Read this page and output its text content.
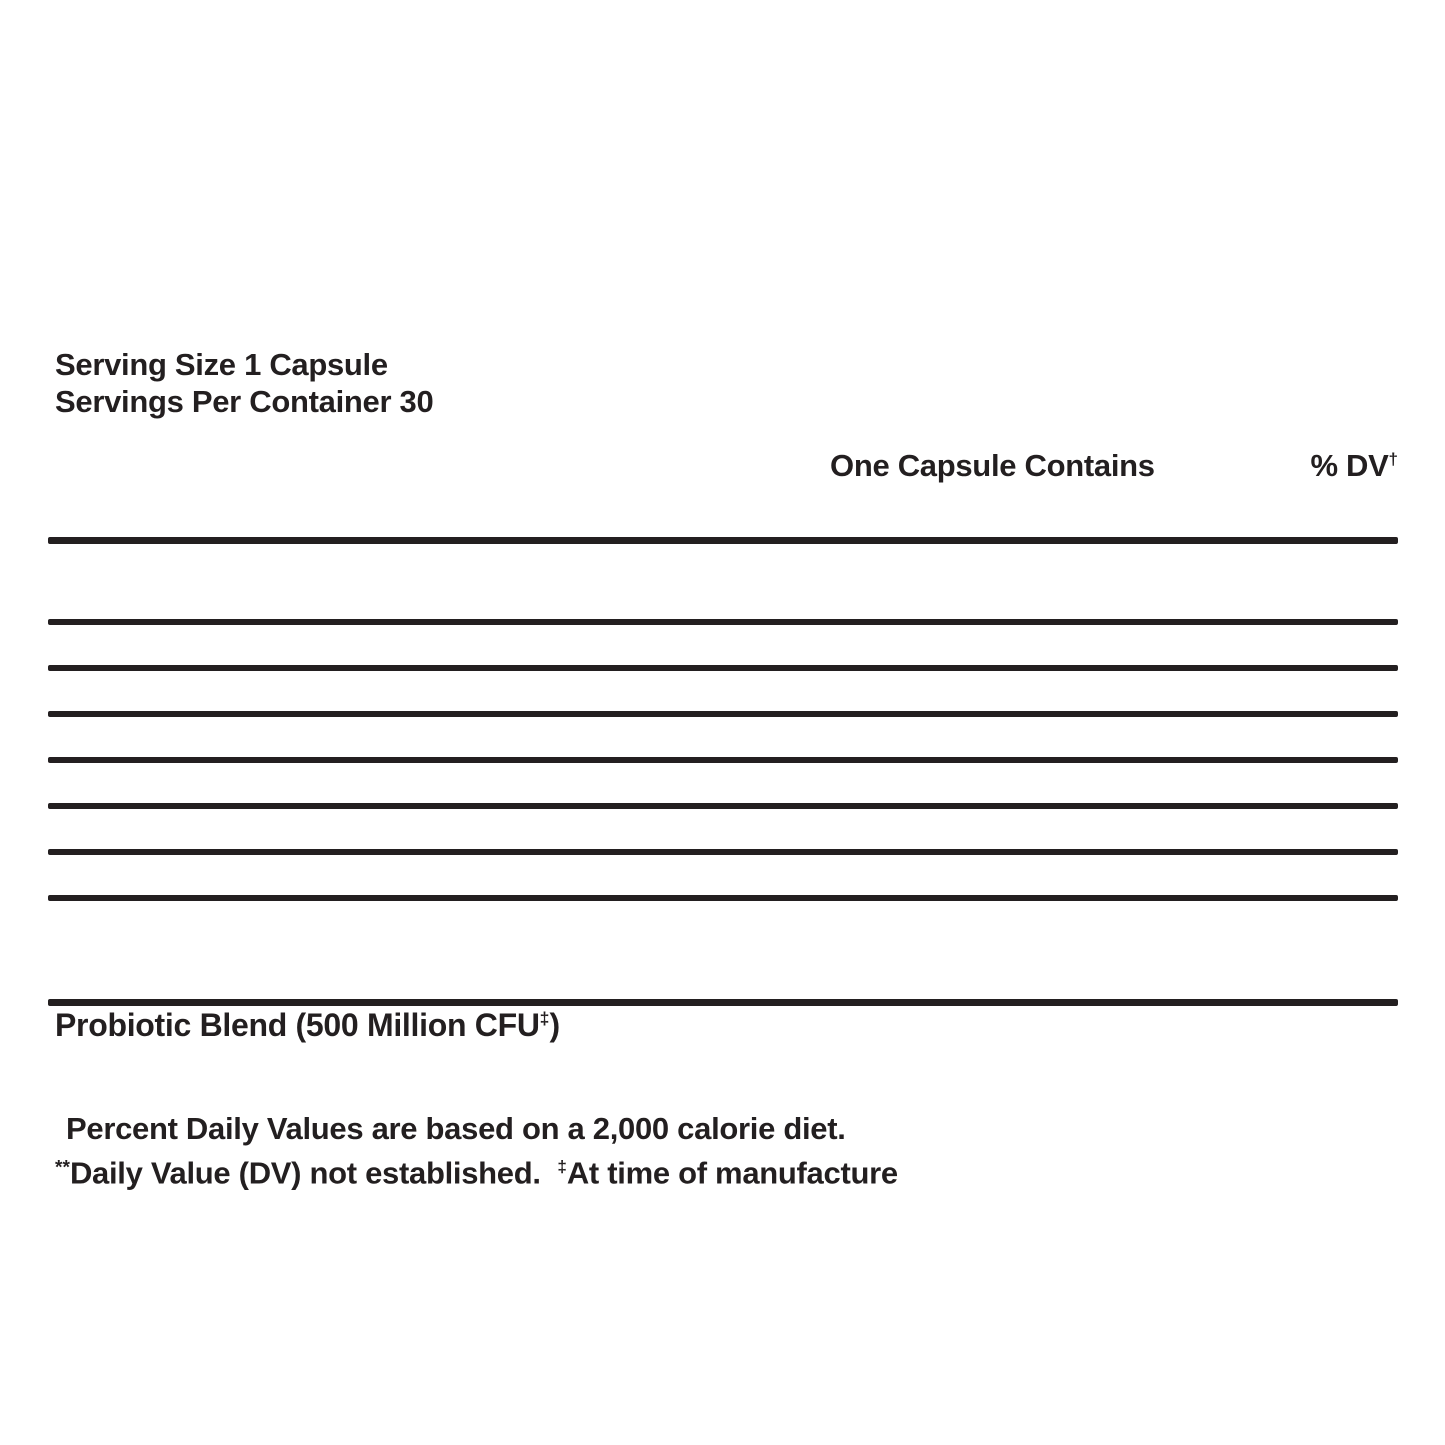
Serving Size 1 Capsule
Servings Per Container 30
One Capsule Contains	% DV†
Probiotic Blend (500 Million CFU‡)
Percent Daily Values are based on a 2,000 calorie diet.
**Daily Value (DV) not established.  ‡At time of manufacture
